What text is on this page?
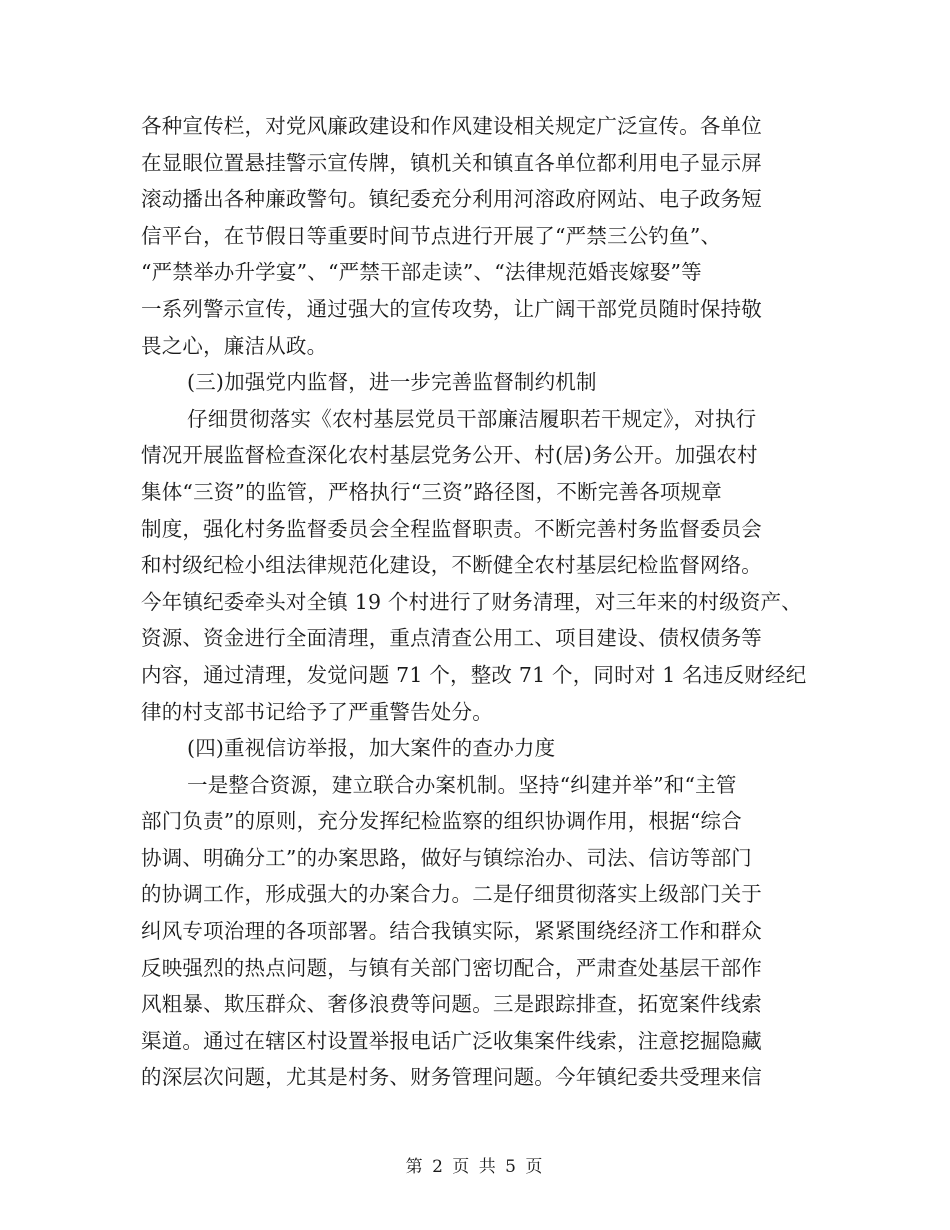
各种宣传栏，对党风廉政建设和作风建设相关规定广泛宣传。各单位
在显眼位置悬挂警示宣传牌，镇机关和镇直各单位都利用电子显示屏
滚动播出各种廉政警句。镇纪委充分利用河溶政府网站、电子政务短
信平台，在节假日等重要时间节点进行开展了“严禁三公钓鱼”、
“严禁举办升学宴”、“严禁干部走读”、“法律规范婚丧嫁娶”等
一系列警示宣传，通过强大的宣传攻势，让广阔干部党员随时保持敬
畏之心，廉洁从政。
(三)加强党内监督，进一步完善监督制约机制
仔细贯彻落实《农村基层党员干部廉洁履职若干规定》，对执行
情况开展监督检查深化农村基层党务公开、村(居)务公开。加强农村
集体“三资”的监管，严格执行“三资”路径图，不断完善各项规章
制度，强化村务监督委员会全程监督职责。不断完善村务监督委员会
和村级纪检小组法律规范化建设，不断健全农村基层纪检监督网络。
今年镇纪委牵头对全镇 19 个村进行了财务清理，对三年来的村级资产、
资源、资金进行全面清理，重点清查公用工、项目建设、债权债务等
内容，通过清理，发觉问题 71 个，整改 71 个，同时对 1 名违反财经纪
律的村支部书记给予了严重警告处分。
(四)重视信访举报，加大案件的查办力度
一是整合资源，建立联合办案机制。坚持“纠建并举”和“主管
部门负责”的原则，充分发挥纪检监察的组织协调作用，根据“综合
协调、明确分工”的办案思路，做好与镇综治办、司法、信访等部门
的协调工作，形成强大的办案合力。二是仔细贯彻落实上级部门关于
纠风专项治理的各项部署。结合我镇实际，紧紧围绕经济工作和群众
反映强烈的热点问题，与镇有关部门密切配合，严肃查处基层干部作
风粗暴、欺压群众、奢侈浪费等问题。三是跟踪排查，拓宽案件线索
渠道。通过在辖区村设置举报电话广泛收集案件线索，注意挖掘隐藏
的深层次问题，尤其是村务、财务管理问题。今年镇纪委共受理来信
第 2 页 共 5 页
